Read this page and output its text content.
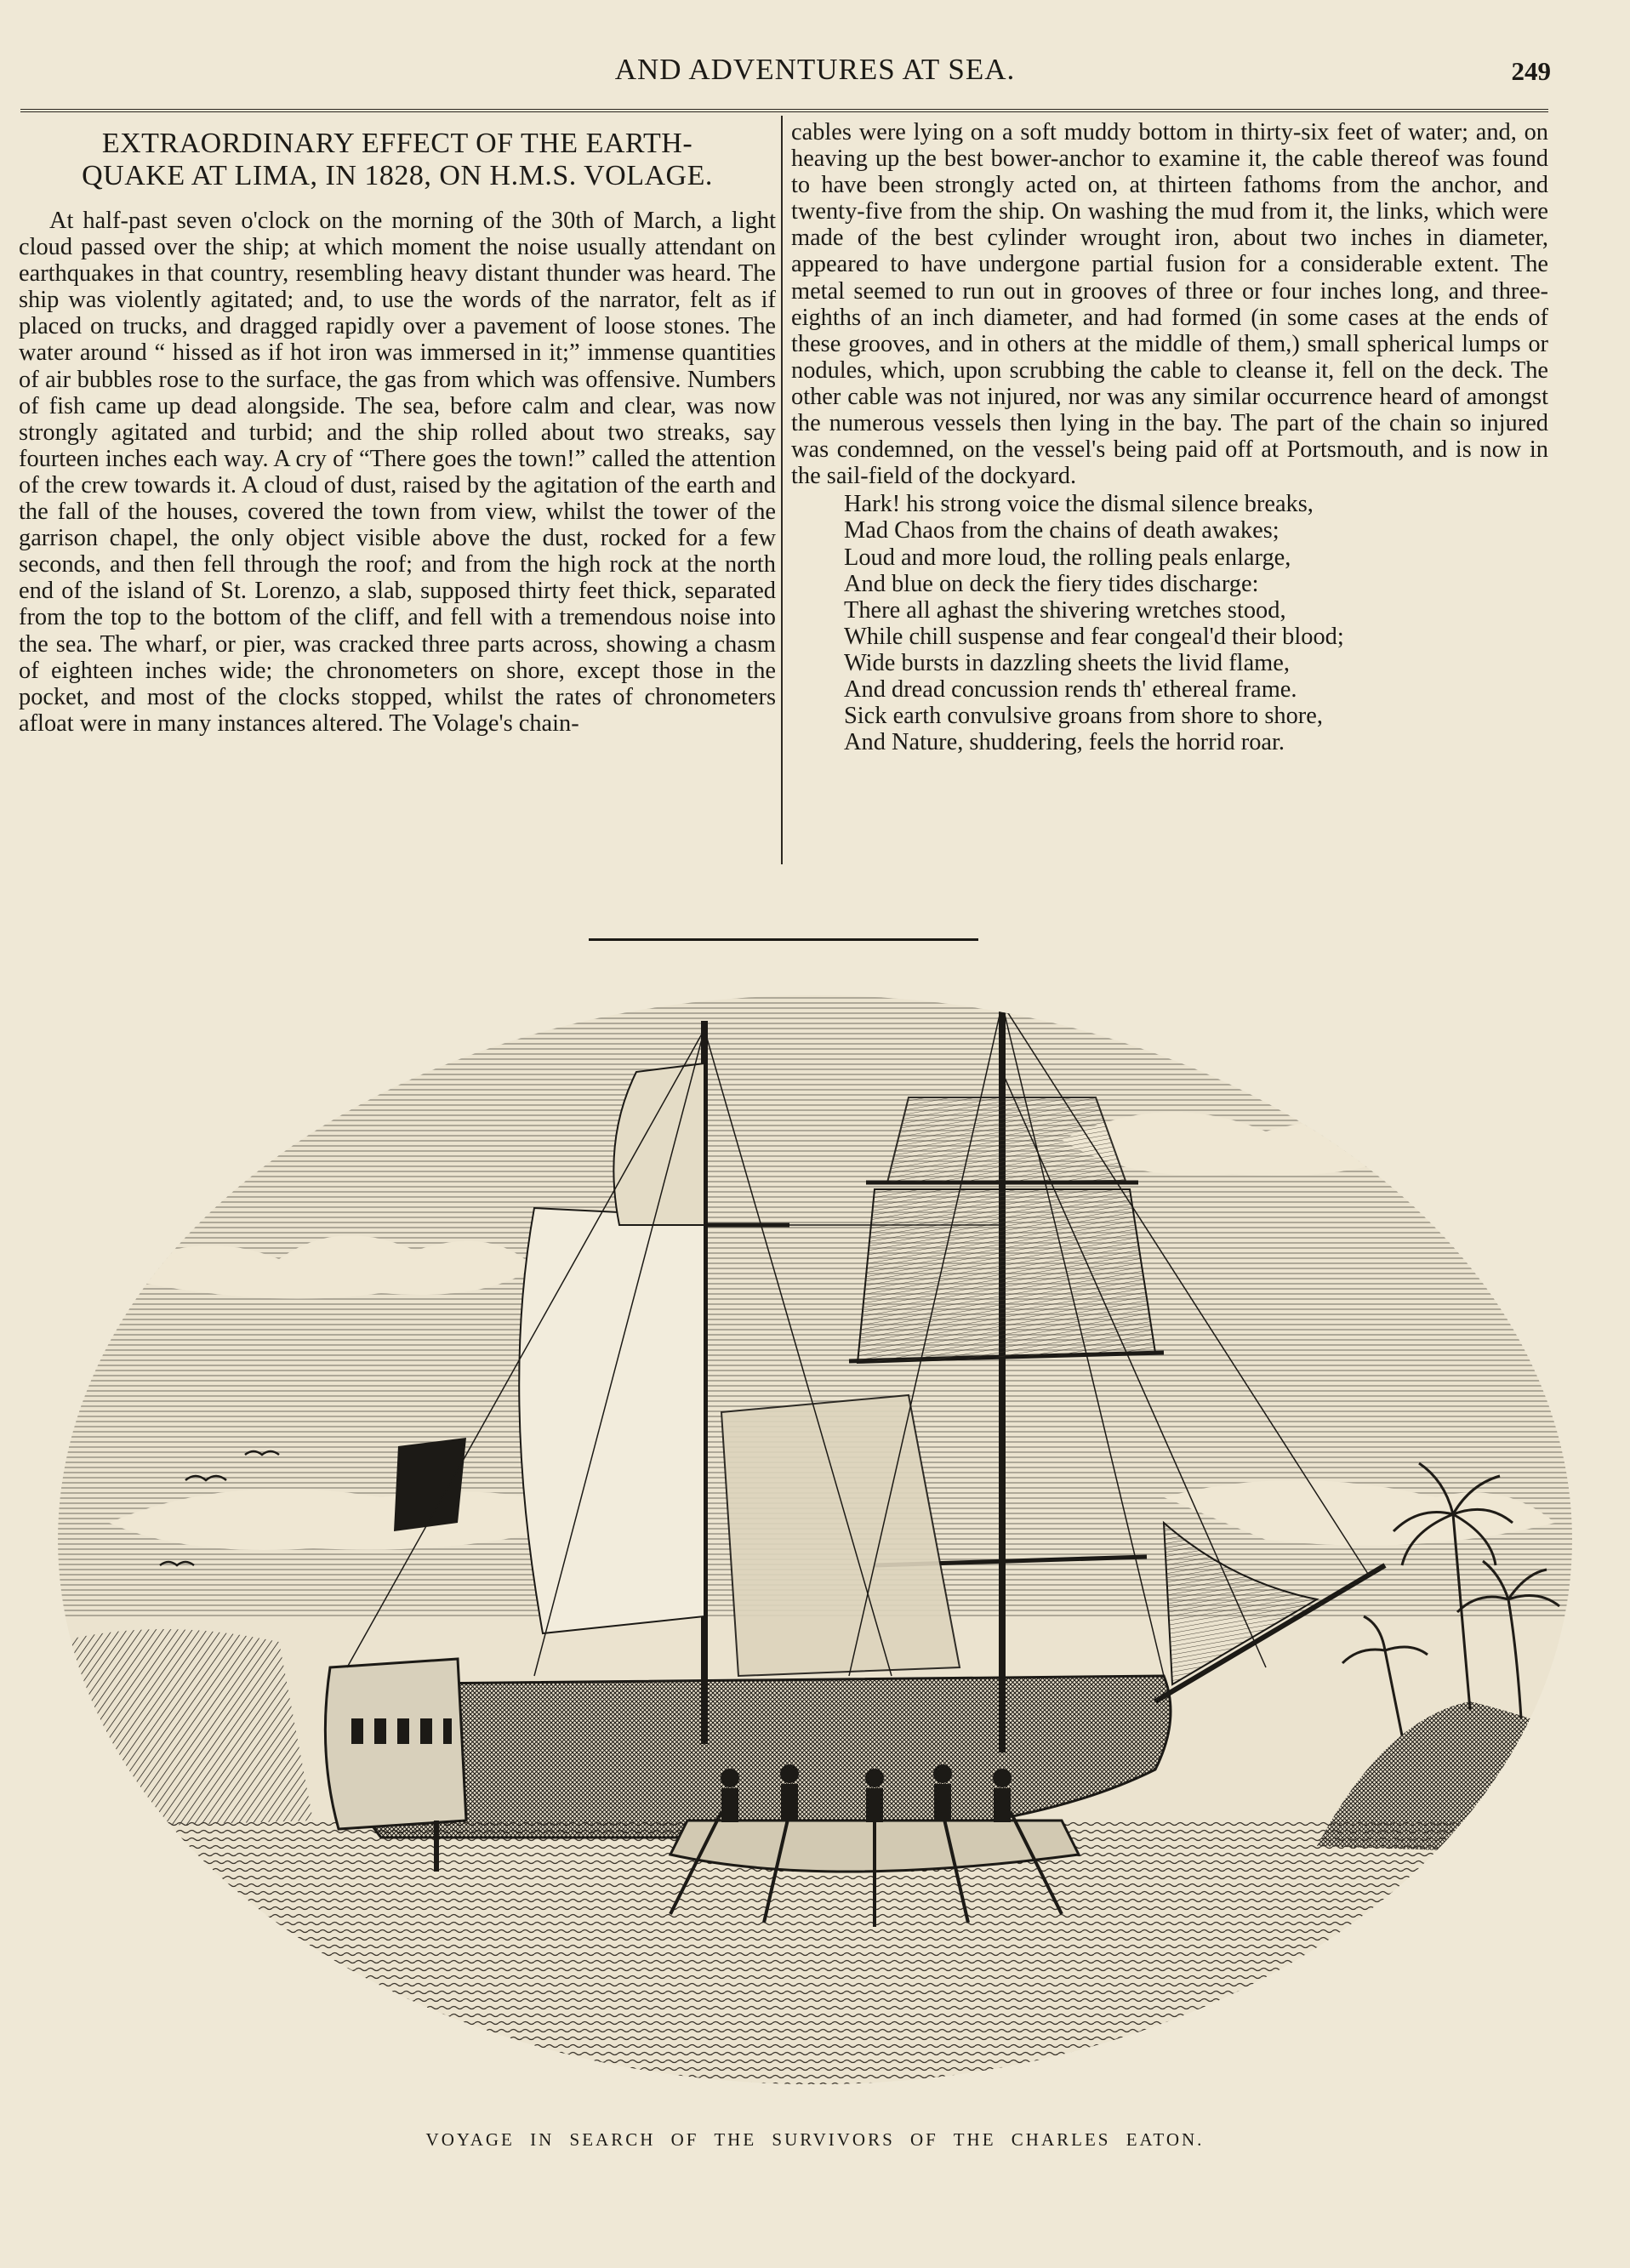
AND ADVENTURES AT SEA.	249
EXTRAORDINARY EFFECT OF THE EARTH-
QUAKE AT LIMA, IN 1828, ON H.M.S. VOLAGE.

At half-past seven o'clock on the morning of the 30th of March, a light cloud passed over the ship; at which moment the noise usually attendant on earthquakes in that country, resembling heavy distant thunder was heard. The ship was violently agitated; and, to use the words of the narrator, felt as if placed on trucks, and dragged rapidly over a pavement of loose stones. The water around “ hissed as if hot iron was immersed in it;” immense quantities of air bubbles rose to the surface, the gas from which was offensive. Numbers of fish came up dead alongside. The sea, before calm and clear, was now strongly agitated and turbid; and the ship rolled about two streaks, say fourteen inches each way. A cry of “There goes the town!” called the attention of the crew towards it. A cloud of dust, raised by the agitation of the earth and the fall of the houses, covered the town from view, whilst the tower of the garrison chapel, the only object visible above the dust, rocked for a few seconds, and then fell through the roof; and from the high rock at the north end of the island of St. Lorenzo, a slab, supposed thirty feet thick, separated from the top to the bottom of the cliff, and fell with a tremendous noise into the sea. The wharf, or pier, was cracked three parts across, showing a chasm of eighteen inches wide; the chronometers on shore, except those in the pocket, and most of the clocks stopped, whilst the rates of chronometers afloat were in many instances altered. The Volage's chain-

cables were lying on a soft muddy bottom in thirty-six feet of water; and, on heaving up the best bower-anchor to examine it, the cable thereof was found to have been strongly acted on, at thirteen fathoms from the anchor, and twenty-five from the ship. On washing the mud from it, the links, which were made of the best cylinder wrought iron, about two inches in diameter, appeared to have undergone partial fusion for a considerable extent. The metal seemed to run out in grooves of three or four inches long, and three-eighths of an inch diameter, and had formed (in some cases at the ends of these grooves, and in others at the middle of them,) small spherical lumps or nodules, which, upon scrubbing the cable to cleanse it, fell on the deck. The other cable was not injured, nor was any similar occurrence heard of amongst the numerous vessels then lying in the bay. The part of the chain so injured was condemned, on the vessel's being paid off at Portsmouth, and is now in the sail-field of the dockyard.

Hark! his strong voice the dismal silence breaks,
Mad Chaos from the chains of death awakes;
Loud and more loud, the rolling peals enlarge,
And blue on deck the fiery tides discharge:
There all aghast the shivering wretches stood,
While chill suspense and fear congeal'd their blood;
Wide bursts in dazzling sheets the livid flame,
And dread concussion rends th' ethereal frame.
Sick earth convulsive groans from shore to shore,
And Nature, shuddering, feels the horrid roar.
VOYAGE IN SEARCH OF THE SURVIVORS OF THE CHARLES EATON.
